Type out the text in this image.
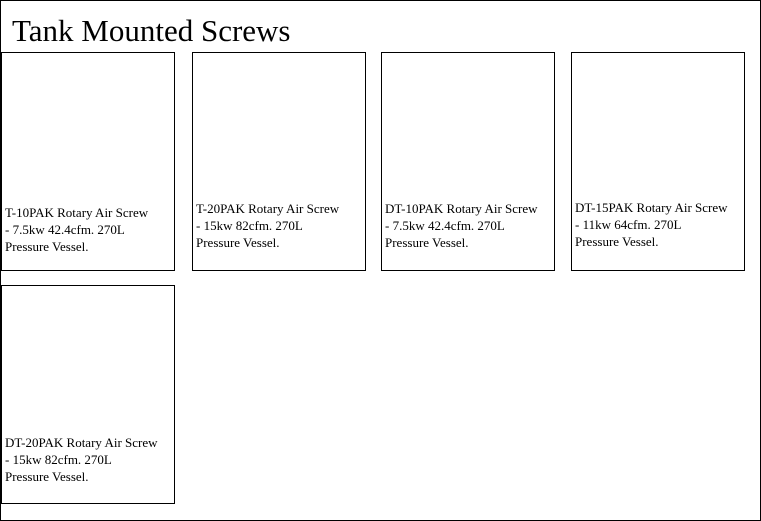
Tank Mounted Screws
T-10PAK Rotary Air Screw
- 7.5kw 42.4cfm. 270L
Pressure Vessel.
T-20PAK Rotary Air Screw
- 15kw 82cfm. 270L
Pressure Vessel.
DT-10PAK Rotary Air Screw
- 7.5kw 42.4cfm. 270L
Pressure Vessel.
DT-15PAK Rotary Air Screw
- 11kw 64cfm. 270L
Pressure Vessel.
DT-20PAK Rotary Air Screw
- 15kw 82cfm. 270L
Pressure Vessel.
